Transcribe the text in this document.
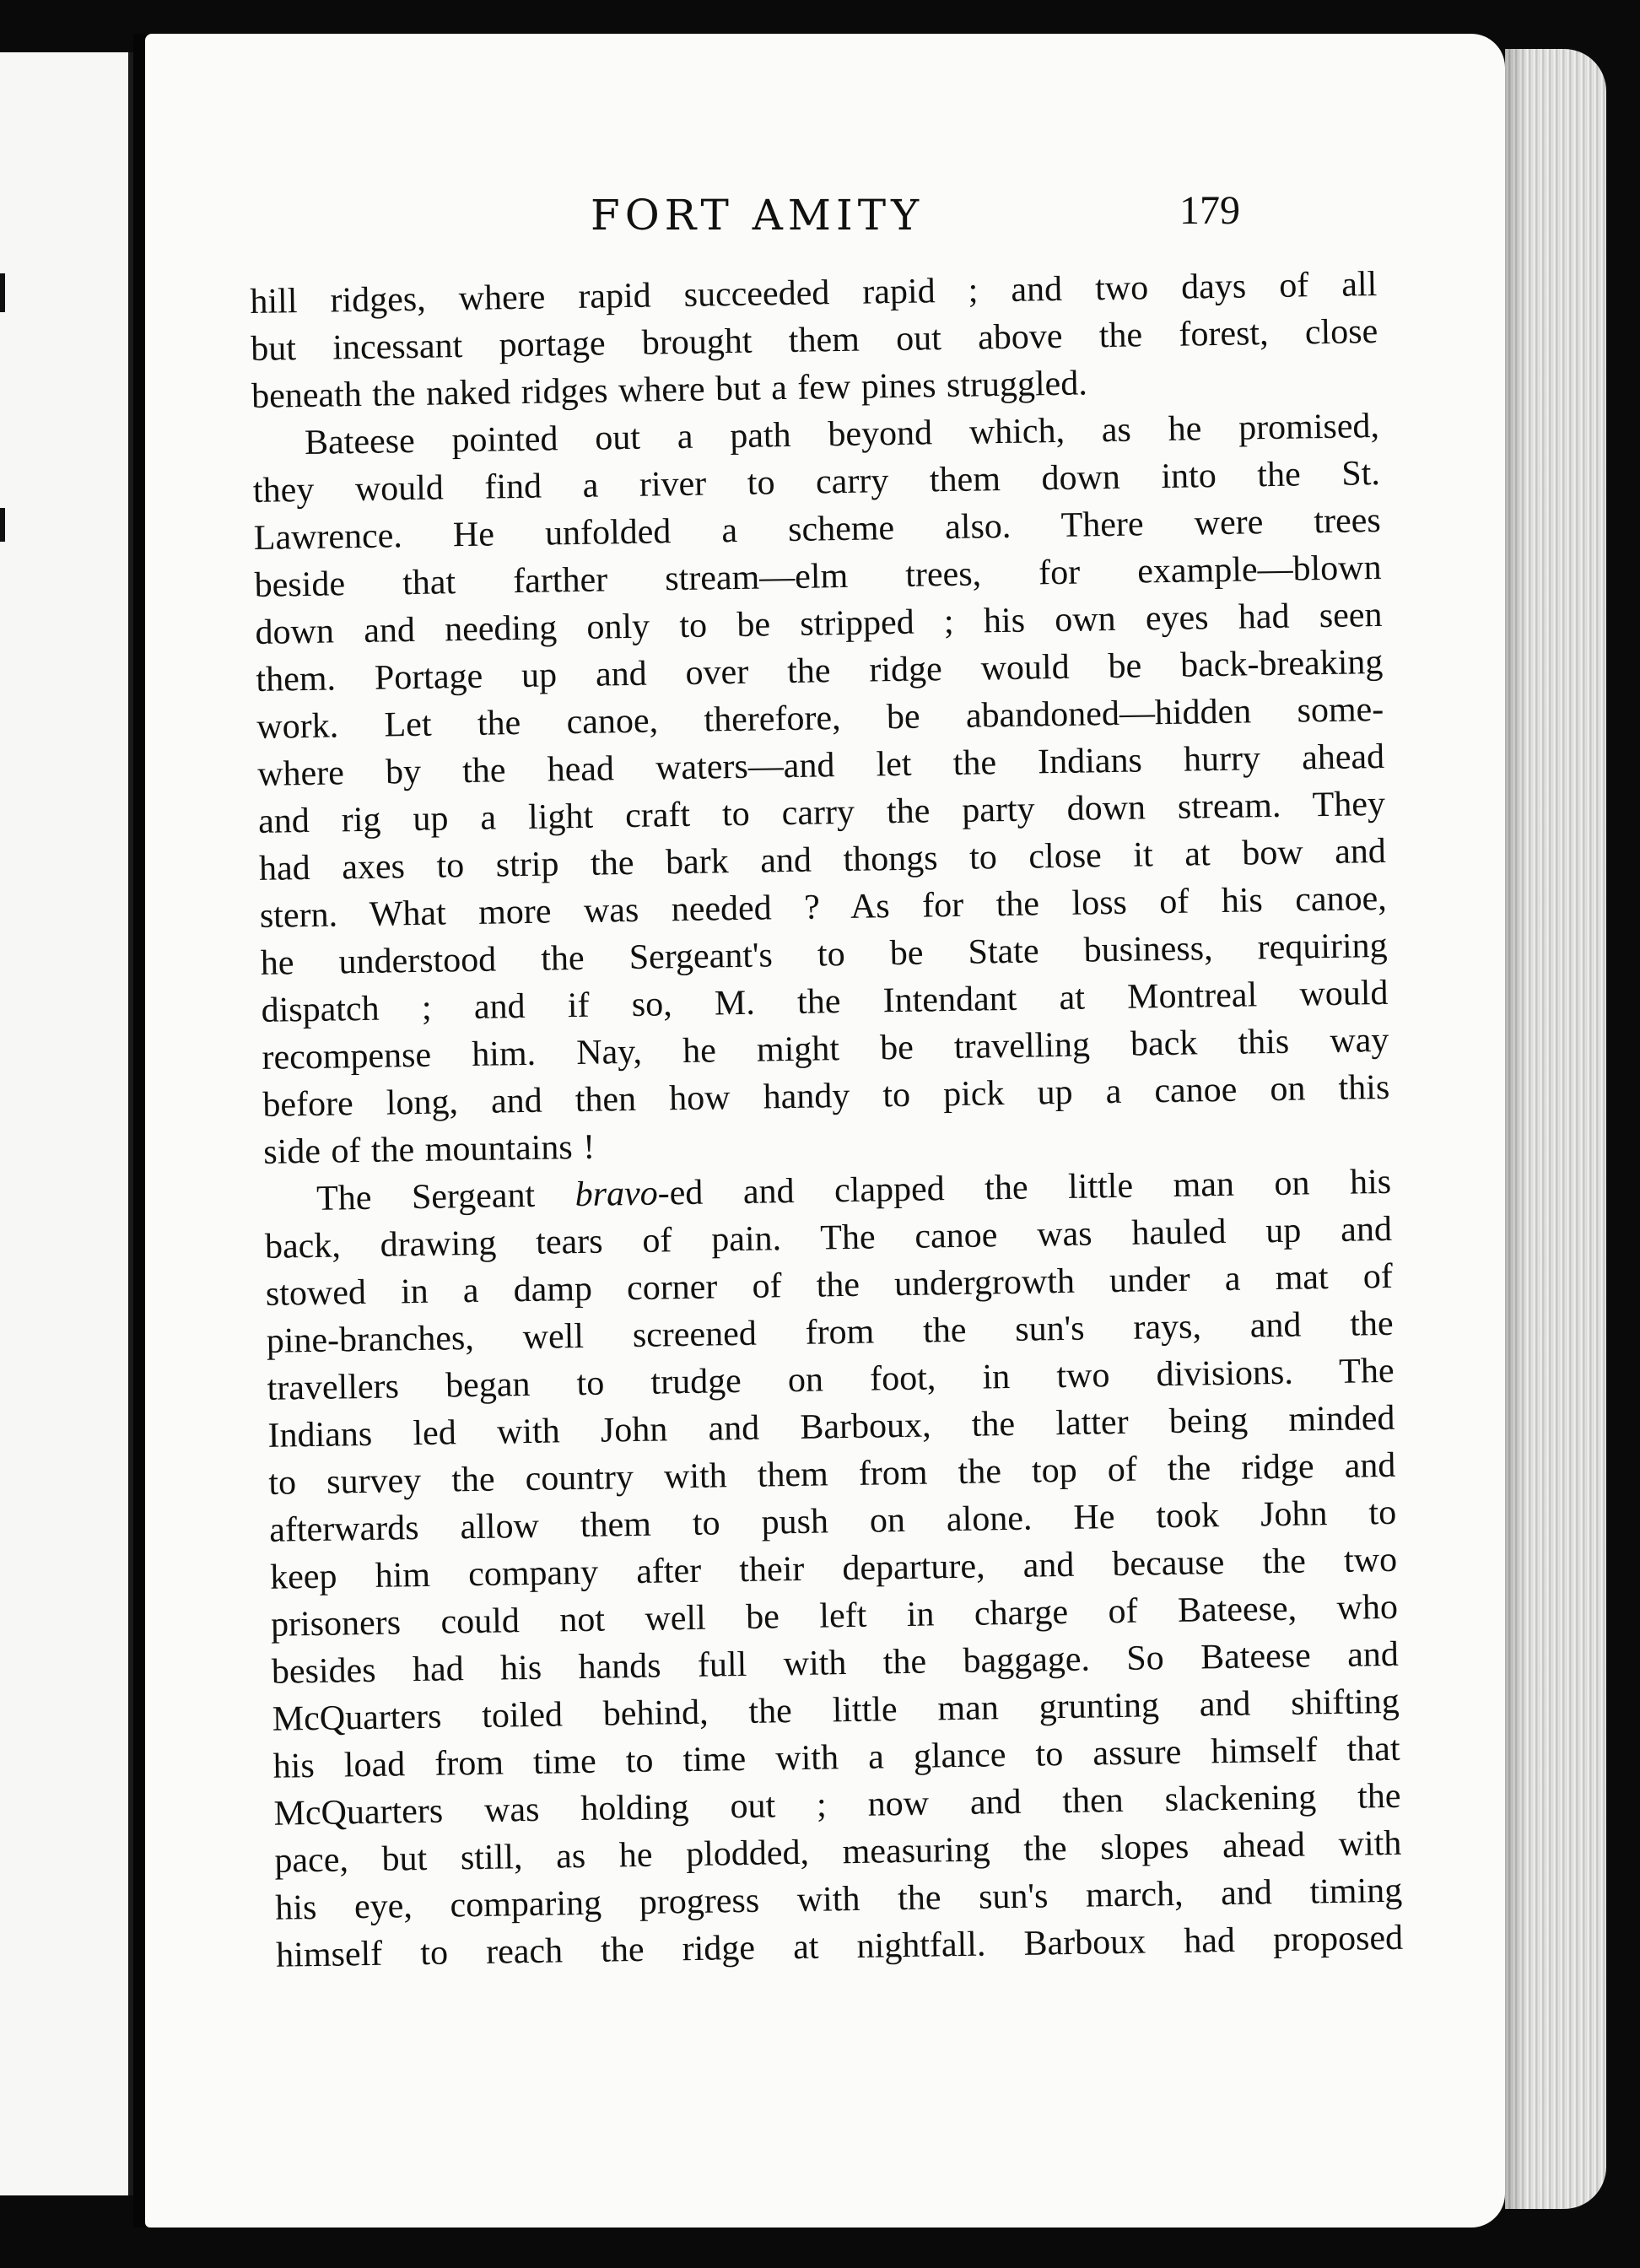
FORT AMITY	179

hill ridges, where rapid succeeded rapid ; and two days of all
but incessant portage brought them out above the forest, close
beneath the naked ridges where but a few pines struggled.

Bateese pointed out a path beyond which, as he promised,
they would find a river to carry them down into the St.
Lawrence. He unfolded a scheme also. There were trees
beside that farther stream—elm trees, for example—blown
down and needing only to be stripped ; his own eyes had seen
them. Portage up and over the ridge would be back-breaking
work. Let the canoe, therefore, be abandoned—hidden some-
where by the head waters—and let the Indians hurry ahead
and rig up a light craft to carry the party down stream. They
had axes to strip the bark and thongs to close it at bow and
stern. What more was needed ? As for the loss of his canoe,
he understood the Sergeant's to be State business, requiring
dispatch ; and if so, M. the Intendant at Montreal would
recompense him. Nay, he might be travelling back this way
before long, and then how handy to pick up a canoe on this
side of the mountains !

The Sergeant bravo-ed and clapped the little man on his
back, drawing tears of pain. The canoe was hauled up and
stowed in a damp corner of the undergrowth under a mat of
pine-branches, well screened from the sun's rays, and the
travellers began to trudge on foot, in two divisions. The
Indians led with John and Barboux, the latter being minded
to survey the country with them from the top of the ridge and
afterwards allow them to push on alone. He took John to
keep him company after their departure, and because the two
prisoners could not well be left in charge of Bateese, who
besides had his hands full with the baggage. So Bateese and
McQuarters toiled behind, the little man grunting and shifting
his load from time to time with a glance to assure himself that
McQuarters was holding out ; now and then slackening the
pace, but still, as he plodded, measuring the slopes ahead with
his eye, comparing progress with the sun's march, and timing
himself to reach the ridge at nightfall. Barboux had proposed
